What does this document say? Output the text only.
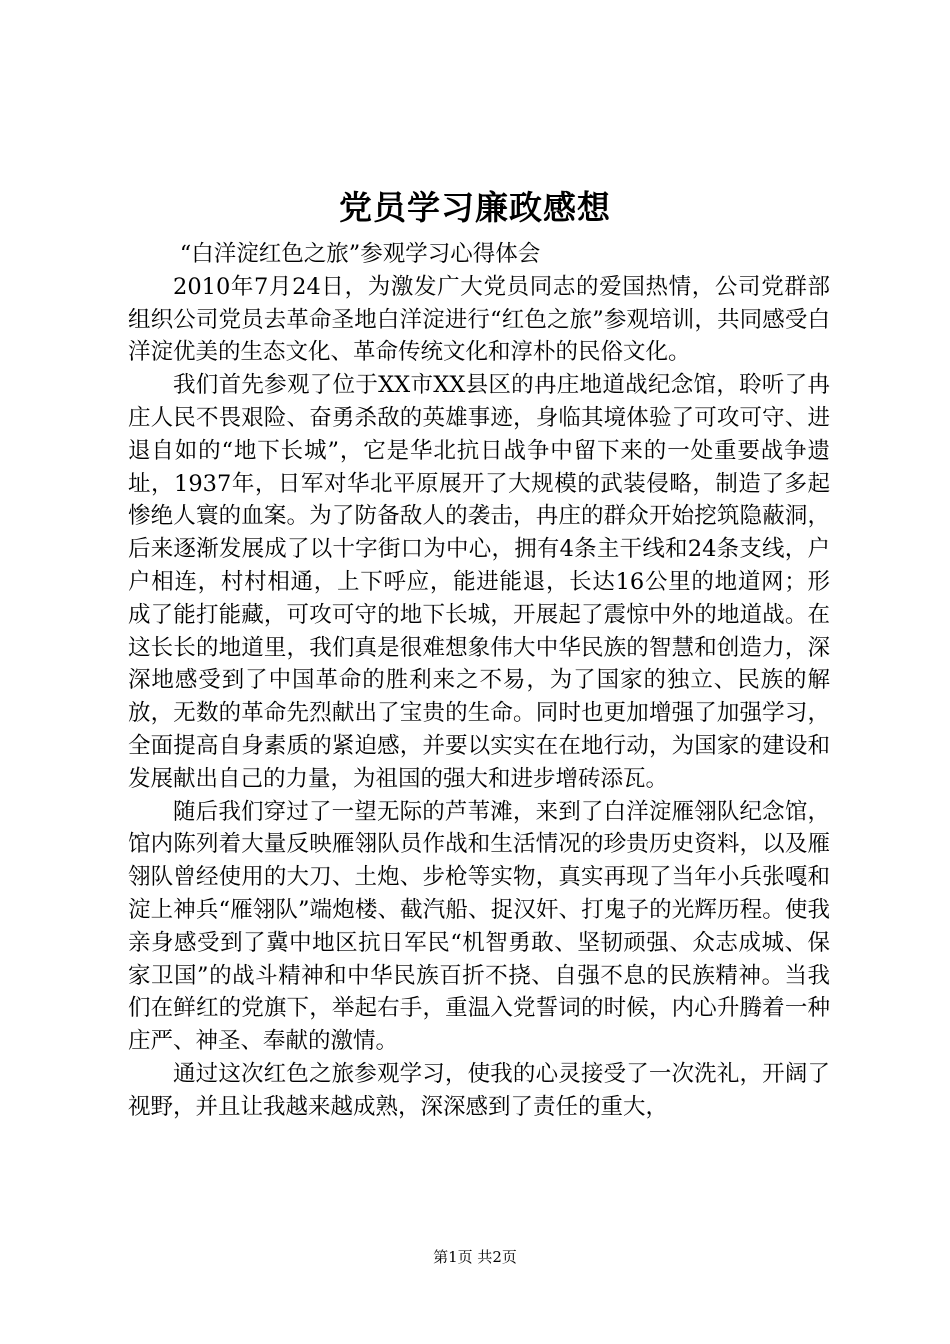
党员学习廉政感想

“白洋淀红色之旅”参观学习心得体会

2010年7月24日，为激发广大党员同志的爱国热情，公司党群部组织公司党员去革命圣地白洋淀进行“红色之旅”参观培训，共同感受白洋淀优美的生态文化、革命传统文化和淳朴的民俗文化。

我们首先参观了位于XX市XX县区的冉庄地道战纪念馆，聆听了冉庄人民不畏艰险、奋勇杀敌的英雄事迹，身临其境体验了可攻可守、进退自如的“地下长城”，它是华北抗日战争中留下来的一处重要战争遗址，1937年，日军对华北平原展开了大规模的武装侵略，制造了多起惨绝人寰的血案。为了防备敌人的袭击，冉庄的群众开始挖筑隐蔽洞，后来逐渐发展成了以十字街口为中心，拥有4条主干线和24条支线，户户相连，村村相通，上下呼应，能进能退，长达16公里的地道网；形成了能打能藏，可攻可守的地下长城，开展起了震惊中外的地道战。在这长长的地道里，我们真是很难想象伟大中华民族的智慧和创造力，深深地感受到了中国革命的胜利来之不易，为了国家的独立、民族的解放，无数的革命先烈献出了宝贵的生命。同时也更加增强了加强学习，全面提高自身素质的紧迫感，并要以实实在在地行动，为国家的建设和发展献出自己的力量，为祖国的强大和进步增砖添瓦。

随后我们穿过了一望无际的芦苇滩，来到了白洋淀雁翎队纪念馆，馆内陈列着大量反映雁翎队员作战和生活情况的珍贵历史资料，以及雁翎队曾经使用的大刀、土炮、步枪等实物，真实再现了当年小兵张嘎和淀上神兵“雁翎队”端炮楼、截汽船、捉汉奸、打鬼子的光辉历程。使我亲身感受到了冀中地区抗日军民“机智勇敢、坚韧顽强、众志成城、保家卫国”的战斗精神和中华民族百折不挠、自强不息的民族精神。当我们在鲜红的党旗下，举起右手，重温入党誓词的时候，内心升腾着一种庄严、神圣、奉献的激情。

通过这次红色之旅参观学习，使我的心灵接受了一次洗礼，开阔了视野，并且让我越来越成熟，深深感到了责任的重大，

第1页 共2页
